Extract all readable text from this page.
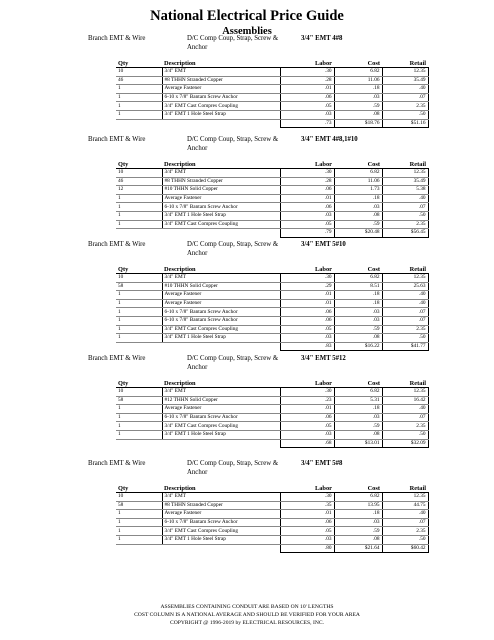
National Electrical Price Guide
Assemblies
Branch EMT & Wire	D/C Comp Coup, Strap, Screw & Anchor
3/4" EMT 4#8
Qty	Description	Labor	Cost	Retail
10	3/4" EMT	.30	6.82	12.35
46	#8 THHN Stranded Copper	.28	11.06	35.49
1	Average Fastener	.01	.18	.40
1	6-10 x 7/8" Bantam Screw Anchor	.06	.03	.07
1	3/4" EMT Cast Compres Coupling	.05	.59	2.35
1	3/4" EMT 1 Hole Steel Strap	.03	.08	.50
		.73	$18.76	$51.16
Branch EMT & Wire	D/C Comp Coup, Strap, Screw & Anchor
3/4" EMT 4#8,1#10
Qty	Description	Labor	Cost	Retail
10	3/4" EMT	.30	6.82	12.35
46	#8 THHN Stranded Copper	.28	11.06	35.49
12	#10 THHN Solid Copper	.06	1.73	5.38
1	Average Fastener	.01	.18	.40
1	6-10 x 7/8" Bantam Screw Anchor	.06	.03	.07
1	3/4" EMT 1 Hole Steel Strap	.03	.08	.50
1	3/4" EMT Cast Compres Coupling	.05	.59	2.35
		.79	$20.48	$56.45
Branch EMT & Wire	D/C Comp Coup, Strap, Screw & Anchor
3/4" EMT 5#10
Qty	Description	Labor	Cost	Retail
10	3/4" EMT	.30	6.82	12.35
58	#10 THHN Solid Copper	.29	8.51	25.63
1	Average Fastener	.01	.18	.40
1	Average Fastener	.01	.18	.40
1	6-10 x 7/8" Bantam Screw Anchor	.06	.03	.07
1	6-10 x 7/8" Bantam Screw Anchor	.06	.03	.07
1	3/4" EMT Cast Compres Coupling	.05	.59	2.35
1	3/4" EMT 1 Hole Steel Strap	.03	.08	.50
		.83	$16.22	$41.77
Branch EMT & Wire	D/C Comp Coup, Strap, Screw & Anchor
3/4" EMT 5#12
Qty	Description	Labor	Cost	Retail
10	3/4" EMT	.30	6.82	12.35
58	#12 THHN Solid Copper	.23	5.31	16.42
1	Average Fastener	.01	.18	.40
1	6-10 x 7/8" Bantam Screw Anchor	.06	.03	.07
1	3/4" EMT Cast Compres Coupling	.05	.59	2.35
1	3/4" EMT 1 Hole Steel Strap	.03	.08	.50
		.68	$13.01	$32.09
Branch EMT & Wire	D/C Comp Coup, Strap, Screw & Anchor
3/4" EMT 5#8
Qty	Description	Labor	Cost	Retail
10	3/4" EMT	.30	6.82	12.35
58	#8 THHN Stranded Copper	.35	13.95	44.75
1	Average Fastener	.01	.18	.40
1	6-10 x 7/8" Bantam Screw Anchor	.06	.03	.07
1	3/4" EMT Cast Compres Coupling	.05	.59	2.35
1	3/4" EMT 1 Hole Steel Strap	.03	.08	.50
		.80	$21.64	$60.42
ASSEMBLIES CONTAINING CONDUIT ARE BASED ON 10' LENGTHS
COST COLUMN IS A NATIONAL AVERAGE AND SHOULD BE VERIFIED FOR YOUR AREA
COPYRIGHT @ 1996-2019 by ELECTRICAL RESOURCES, INC.
